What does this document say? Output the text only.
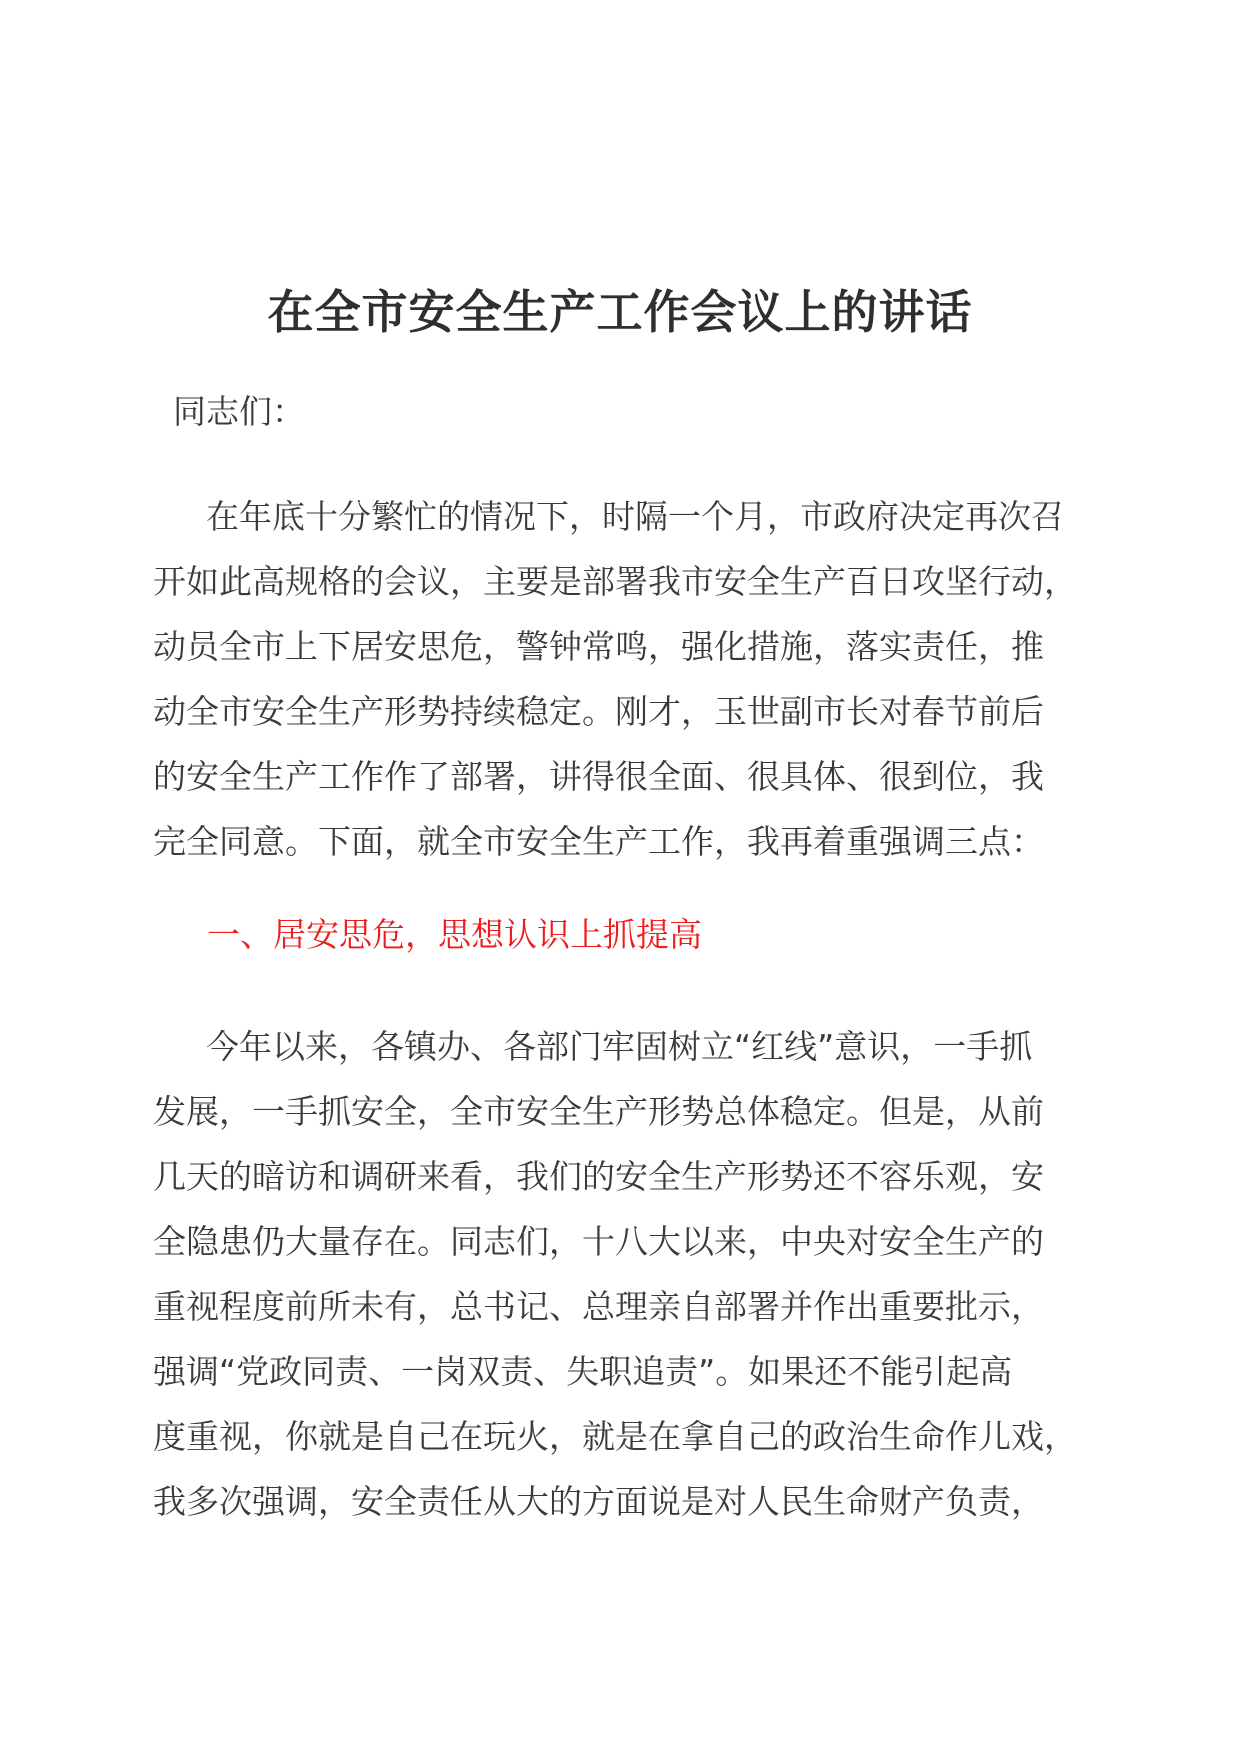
在全市安全生产工作会议上的讲话
同志们：
在年底十分繁忙的情况下，时隔一个月，市政府决定再次召
开如此高规格的会议，主要是部署我市安全生产百日攻坚行动，
动员全市上下居安思危，警钟常鸣，强化措施，落实责任，推
动全市安全生产形势持续稳定。刚才，玉世副市长对春节前后
的安全生产工作作了部署，讲得很全面、很具体、很到位，我
完全同意。下面，就全市安全生产工作，我再着重强调三点：
一、居安思危，思想认识上抓提高
今年以来，各镇办、各部门牢固树立“红线”意识，一手抓
发展，一手抓安全，全市安全生产形势总体稳定。但是，从前
几天的暗访和调研来看，我们的安全生产形势还不容乐观，安
全隐患仍大量存在。同志们，十八大以来，中央对安全生产的
重视程度前所未有，总书记、总理亲自部署并作出重要批示，
强调“党政同责、一岗双责、失职追责”。如果还不能引起高
度重视，你就是自己在玩火，就是在拿自己的政治生命作儿戏，
我多次强调，安全责任从大的方面说是对人民生命财产负责，
